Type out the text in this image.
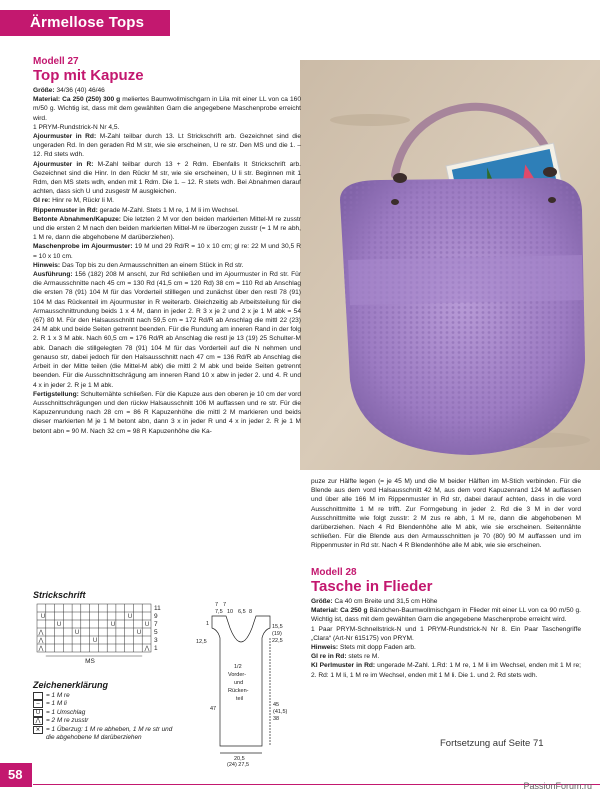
Ärmellose Tops
Modell 27
Top mit Kapuze

Größe: 34/36 (40) 46/46

Material: Ca 250 (250) 300 g meliertes Baumwollmischgarn in Lila mit einer LL von ca 160 m/50 g. Wichtig ist, dass mit dem gewählten Garn die angegebene Maschenprobe erreicht wird.

1 PRYM-Rundstrick-N Nr 4,5.

Ajourmuster in Rd: M-Zahl teilbar durch 13. Lt Strickschrift arb. Gezeichnet sind die ungeraden Rd. In den geraden Rd M str, wie sie erscheinen, U re str. Den MS und die 1. – 12. Rd stets wdh.

Ajourmuster in R: M-Zahl teilbar durch 13 + 2 Rdm. Ebenfalls lt Strickschrift arb. Gezeichnet sind die Hinr. In den Rückr M str, wie sie erscheinen, U li str. Beginnen mit 1 Rdm, den MS stets wdh, enden mit 1 Rdm. Die 1. – 12. R stets wdh. Bei Abnahmen darauf achten, dass sich U und zusgestr M ausgleichen.

Gl re: Hinr re M, Rückr li M.

Rippenmuster in Rd: gerade M-Zahl. Stets 1 M re, 1 M li im Wechsel.

Betonte Abnahmen/Kapuze: Die letzten 2 M vor den beiden markierten Mittel-M re zusstr und die ersten 2 M nach den beiden markierten Mittel-M re überzogen zusstr (= 1 M re abh, 1 M re, dann die abgehobene M darüberziehen).

Maschenprobe im Ajourmuster: 19 M und 29 Rd/R = 10 x 10 cm; gl re: 22 M und 30,5 R = 10 x 10 cm.

Hinweis: Das Top bis zu den Armausschnitten an einem Stück in Rd str.

Ausführung: 156 (182) 208 M anschl, zur Rd schließen und im Ajourmuster in Rd str. Für die Armausschnitte nach 45 cm = 130 Rd (41,5 cm = 120 Rd) 38 cm = 110 Rd ab Anschlag die ersten 78 (91) 104 M für das Vorderteil stilllegen und zunächst über den restl 78 (91) 104 M das Rückenteil im Ajourmuster in R weiterarb. Gleichzeitig ab Arbeitsteilung für die Armausschnittrundung beids 1 x 4 M, dann in jeder 2. R 3 x je 2 und 2 x je 1 M abk = 54 (67) 80 M. Für den Halsausschnitt nach 59,5 cm = 172 Rd/R ab Anschlag die mittl 22 (23) 24 M abk und beide Seiten getrennt beenden. Für die Rundung am inneren Rand in der folg 2. R 1 x 3 M abk. Nach 60,5 cm = 176 Rd/R ab Anschlag die restl je 13 (19) 25 Schulter-M abk. Danach die stillgelegten 78 (91) 104 M für das Vorderteil auf die N nehmen und genauso str, dabei jedoch für den Halsausschnitt nach 47 cm = 136 Rd/R ab Anschlag die Arbeit in der Mitte teilen (die Mittel-M abk) die mittl 2 M abk und beide Seiten getrennt beenden. Für die Ausschnittschrägung am inneren Rand 10 x abw in jeder 2. und 4. R und 4 x in jeder 2. R je 1 M abk.

Fertigstellung: Schulternähte schließen. Für die Kapuze aus den oberen je 10 cm der vord Ausschnittschrägungen und den rückw Halsausschnitt 106 M auffassen und re str. Für die Kapuzenrundung nach 28 cm = 86 R Kapuzenhöhe die mittl 2 M markieren und beids dieser markierten M je 1 M betont abn, dann 3 x in jeder R und 4 x in jeder 2. R je 1 M betont abn = 90 M. Nach 32 cm = 98 R Kapuzenhöhe die Ka-

puze zur Hälfte legen (= je 45 M) und die M beider Hälften im M-Stich verbinden. Für die Blende aus dem vord Halsausschnitt 42 M, aus dem vord Kapuzenrand 124 M auffassen und über alle 166 M im Rippenmuster in Rd str, dabei darauf achten, dass in die vord Ausschnittmitte 1 M re trifft. Zur Formgebung in jeder 2. Rd die 3 M in der vord Ausschnittmitte wie folgt zusstr: 2 M zus re abh, 1 M re, dann die abgehobenen M darüberziehen. Nach 4 Rd Blendenhöhe alle M abk, wie sie erscheinen. Seitennähte schließen. Für die Blende aus den Armausschnitten je 70 (80) 90 M auffassen und im Rippenmuster in Rd str. Nach 4 R Blendenhöhe alle M abk, wie sie erscheinen.

Modell 28
Tasche in Flieder

Größe: Ca 40 cm Breite und 31,5 cm Höhe

Material: Ca 250 g Bändchen-Baumwollmischgarn in Flieder mit einer LL von ca 90 m/50 g. Wichtig ist, dass mit dem gewählten Garn die angegebene Maschenprobe erreicht wird.

1 Paar PRYM-Schnellstrick-N und 1 PRYM-Rundstrick-N Nr 8. Ein Paar Taschengriffe „Clara“ (Art-Nr 615175) von PRYM.

Hinweis: Stets mit dopp Faden arb.

Gl re in Rd: stets re M.

Kl Perlmuster in Rd: ungerade M-Zahl. 1.Rd: 1 M re, 1 M li im Wechsel, enden mit 1 M re; 2. Rd: 1 M li, 1 M re im Wechsel, enden mit 1 M li. Die 1. und 2. Rd stets wdh.

Fortsetzung auf Seite 71
Strickschrift
U
U
U
U
U
U
U
U
⋀
⋀
⋀	⋀
11
9
7
5
3
1
MS
Zeichenerklärung
= 1 M re
– = 1 M li
U = 1 Umschlag
⋀ = 2 M re zusstr
⩙ = 1 Überzug: 1 M re abheben, 1 M re str und
die abgehobene M darüberziehen
7 7
7,5 10 6,5 8
1
12,5
15,5
(19)
22,5
1/2
Vorder-
und
Rücken-
teil
47
45
(41,5)
38
20,5
(24) 27,5
58
PassionForum.ru
